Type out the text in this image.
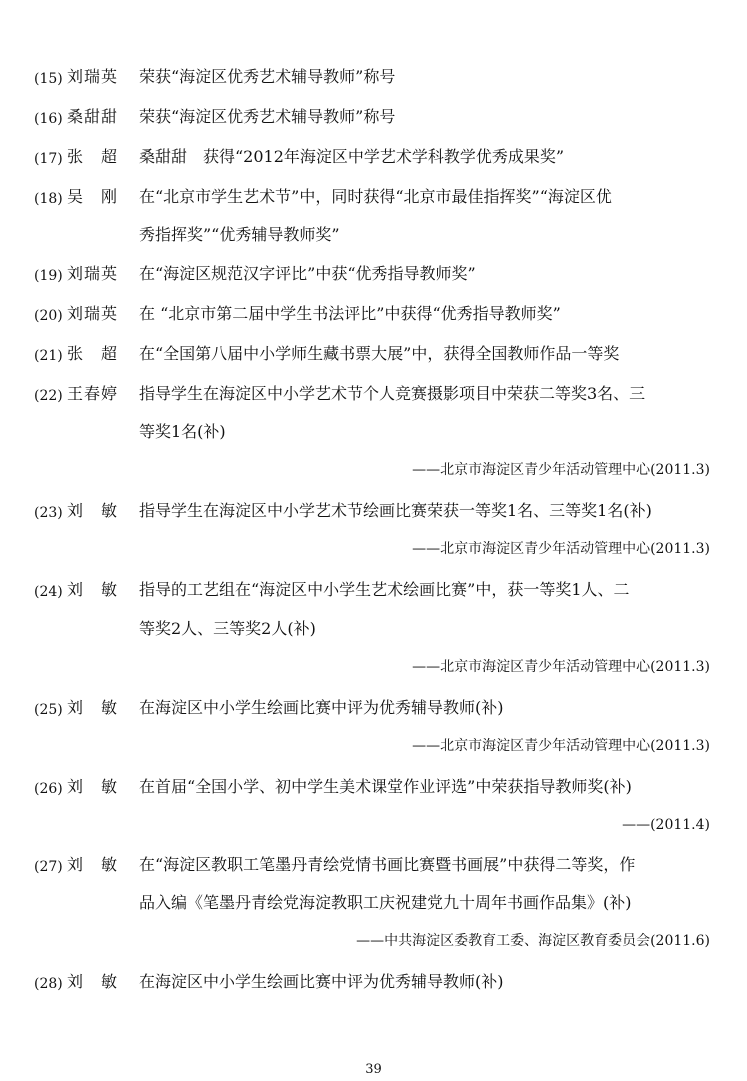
(15) 刘瑞英 荣获“海淀区优秀艺术辅导教师”称号
(16) 桑甜甜 荣获“海淀区优秀艺术辅导教师”称号
(17) 张　超 桑甜甜　获得“2012年海淀区中学艺术学科教学优秀成果奖”
(18) 吴　刚 在“北京市学生艺术节”中，同时获得“北京市最佳指挥奖”“海淀区优
秀指挥奖”“优秀辅导教师奖”
(19) 刘瑞英 在“海淀区规范汉字评比”中获“优秀指导教师奖”
(20) 刘瑞英 在 “北京市第二届中学生书法评比”中获得“优秀指导教师奖”
(21) 张　超 在“全国第八届中小学师生藏书票大展”中，获得全国教师作品一等奖
(22) 王春婷 指导学生在海淀区中小学艺术节个人竞赛摄影项目中荣获二等奖3名、三
等奖1名(补)
——北京市海淀区青少年活动管理中心(2011.3)
(23) 刘　敏 指导学生在海淀区中小学艺术节绘画比赛荣获一等奖1名、三等奖1名(补)
——北京市海淀区青少年活动管理中心(2011.3)
(24) 刘　敏 指导的工艺组在“海淀区中小学生艺术绘画比赛”中，获一等奖1人、二
等奖2人、三等奖2人(补)
——北京市海淀区青少年活动管理中心(2011.3)
(25) 刘　敏 在海淀区中小学生绘画比赛中评为优秀辅导教师(补)
——北京市海淀区青少年活动管理中心(2011.3)
(26) 刘　敏 在首届“全国小学、初中学生美术课堂作业评选”中荣获指导教师奖(补)
——(2011.4)
(27) 刘　敏 在“海淀区教职工笔墨丹青绘党情书画比赛暨书画展”中获得二等奖，作
品入编《笔墨丹青绘党海淀教职工庆祝建党九十周年书画作品集》(补)
——中共海淀区委教育工委、海淀区教育委员会(2011.6)
(28) 刘　敏 在海淀区中小学生绘画比赛中评为优秀辅导教师(补)
39
